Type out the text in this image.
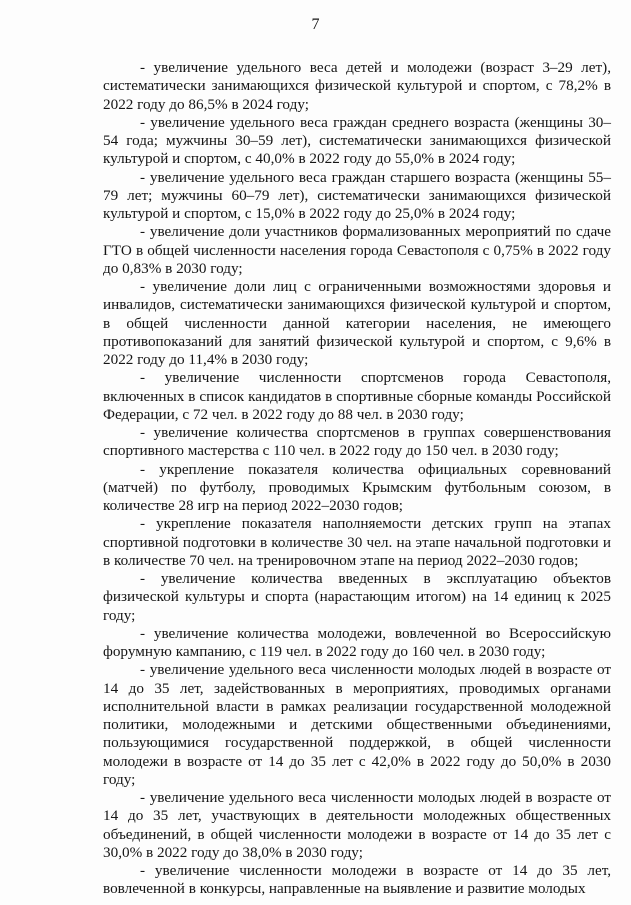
7

- увеличение удельного веса детей и молодежи (возраст 3–29 лет), систематически занимающихся физической культурой и спортом, с 78,2% в 2022 году до 86,5% в 2024 году;

- увеличение удельного веса граждан среднего возраста (женщины 30–54 года; мужчины 30–59 лет), систематически занимающихся физической культурой и спортом, с 40,0% в 2022 году до 55,0% в 2024 году;

- увеличение удельного веса граждан старшего возраста (женщины 55–79 лет; мужчины 60–79 лет), систематически занимающихся физической культурой и спортом, с 15,0% в 2022 году до 25,0% в 2024 году;

- увеличение доли участников формализованных мероприятий по сдаче ГТО в общей численности населения города Севастополя с 0,75% в 2022 году до 0,83% в 2030 году;

- увеличение доли лиц с ограниченными возможностями здоровья и инвалидов, систематически занимающихся физической культурой и спортом, в общей численности данной категории населения, не имеющего противопоказаний для занятий физической культурой и спортом, с 9,6% в 2022 году до 11,4% в 2030 году;

- увеличение численности спортсменов города Севастополя, включенных в список кандидатов в спортивные сборные команды Российской Федерации, с 72 чел. в 2022 году до 88 чел. в 2030 году;

- увеличение количества спортсменов в группах совершенствования спортивного мастерства с 110 чел. в 2022 году до 150 чел. в 2030 году;

- укрепление показателя количества официальных соревнований (матчей) по футболу, проводимых Крымским футбольным союзом, в количестве 28 игр на период 2022–2030 годов;

- укрепление показателя наполняемости детских групп на этапах спортивной подготовки в количестве 30 чел. на этапе начальной подготовки и в количестве 70 чел. на тренировочном этапе на период 2022–2030 годов;

- увеличение количества введенных в эксплуатацию объектов физической культуры и спорта (нарастающим итогом) на 14 единиц к 2025 году;

- увеличение количества молодежи, вовлеченной во Всероссийскую форумную кампанию, с 119 чел. в 2022 году до 160 чел. в 2030 году;

- увеличение удельного веса численности молодых людей в возрасте от 14 до 35 лет, задействованных в мероприятиях, проводимых органами исполнительной власти в рамках реализации государственной молодежной политики, молодежными и детскими общественными объединениями, пользующимися государственной поддержкой, в общей численности молодежи в возрасте от 14 до 35 лет с 42,0% в 2022 году до 50,0% в 2030 году;

- увеличение удельного веса численности молодых людей в возрасте от 14 до 35 лет, участвующих в деятельности молодежных общественных объединений, в общей численности молодежи в возрасте от 14 до 35 лет с 30,0% в 2022 году до 38,0% в 2030 году;

- увеличение численности молодежи в возрасте от 14 до 35 лет, вовлеченной в конкурсы, направленные на выявление и развитие молодых
